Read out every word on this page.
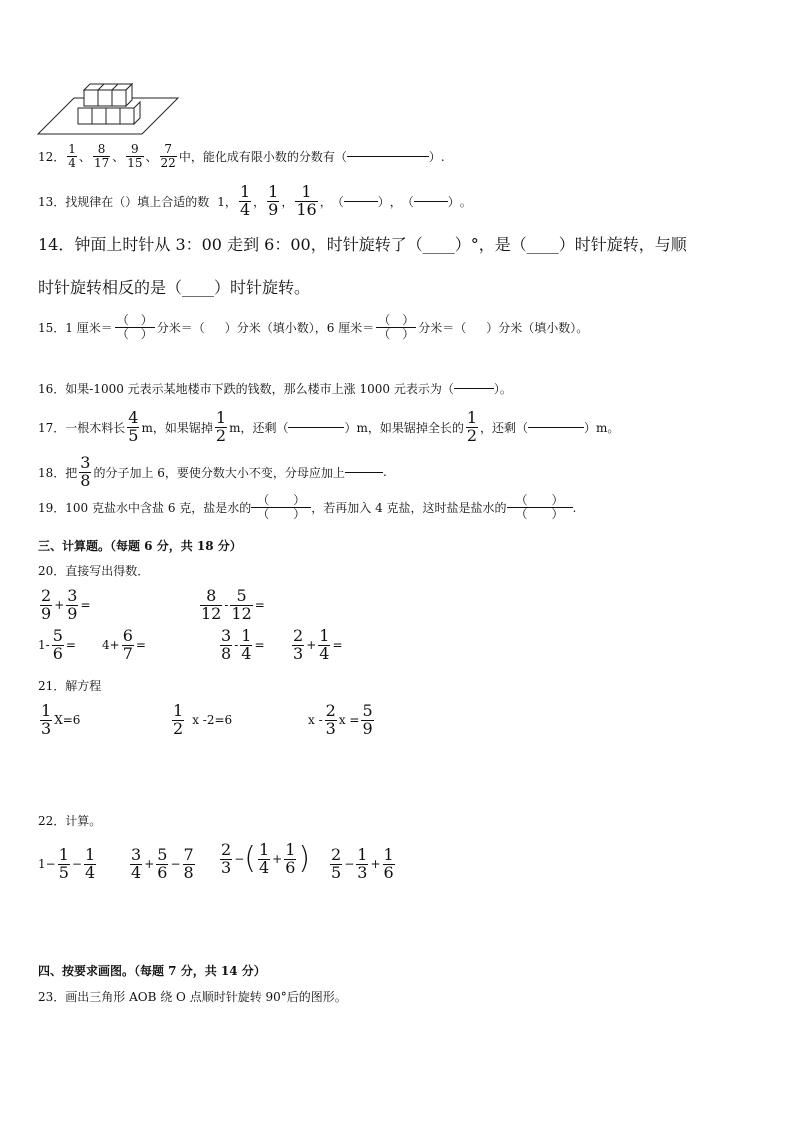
12． $\frac{1}{4}$ 、 $\frac{8}{17}$ 、 $\frac{9}{15}$ 、 $\frac{7}{22}$ 中，能化成有限小数的分数有（	）.
13． 找规律在（）填上合适的数 1， $\frac{1}{4}$ ， $\frac{1}{9}$ ， $\frac{1}{16}$ ， （	） ， （	） 。
14．钟面上时针从 3：00 走到 6：00，时针旋转了（____）°，是（____）时针旋转，与顺
时针旋转相反的是（____）时针旋转。
15． 1 厘米＝
（　）
（　） 分米＝（ ）分米（填小数），6 厘米＝
（　）
（　） 分米＝（ ）分米（填小数）。
16．如果-1000 元表示某地楼市下跌的钱数，那么楼市上涨 1000 元表示为（	）。
17． 一根木料长 $\frac{4}{5}$ m，如果锯掉 $\frac{1}{2}$ m，还剩（	）m，如果锯掉全长的 $\frac{1}{2}$ ，还剩（	）m。
18． 把 $\frac{3}{8}$ 的分子加上 6，要使分数大小不变，分母应加上	.
19． 100 克盐水中含盐 6 克，盐是水的
（　　）
（　　） ，若再加入 4 克盐，这时盐是盐水的
（　　）
（　　） .
三、计算题。（每题 6 分，共 18 分）
20．直接写出得数．
$\frac{2}{9} + \frac{3}{9}$ =	$\frac{8}{12} - \frac{5}{12}$ =
$1- \frac{5}{6} = 4+ \frac{6}{7}$ =	$\frac{3}{8} - \frac{1}{4} = \frac{2}{3} + \frac{1}{4}$ =
21．解方程
$\frac{1}{3} X=6$	$\frac{1}{2}$ x -2=6	x - $\frac{2}{3}$ $x = \frac{5}{9}$
22．计算。
$1- \frac{1}{5} - \frac{1}{4} \frac{3}{4} + \frac{5}{6} - \frac{7}{8} \frac{2}{3}$ − ( $\frac{1}{4} + \frac{1}{6}$ ) $\frac{2}{5} - \frac{1}{3} + \frac{1}{6}$
四、按要求画图。（每题 7 分，共 14 分）
23．画出三角形 AOB 绕 O 点顺时针旋转 90°后的图形。
